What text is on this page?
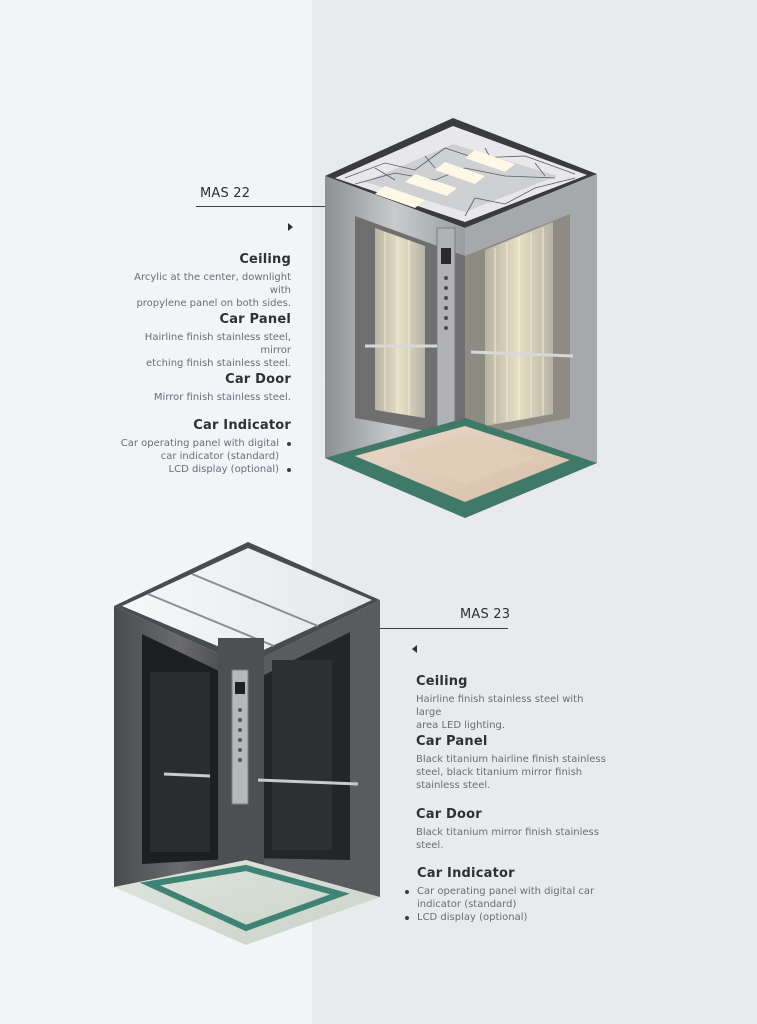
MAS 22
Ceiling

Arcylic at the center, downlight with

propylene panel on both sides.

Car Panel

Hairline finish stainless steel, mirror

etching finish stainless steel.

Car Door

Mirror finish stainless steel.

Car Indicator
Car operating panel with digital car indicator (standard)
LCD display (optional)
MAS 23
Ceiling

Hairline finish stainless steel with large

area LED lighting.

Car Panel

Black titanium hairline finish stainless

steel, black titanium mirror finish

stainless steel.

Car Door

Black titanium mirror finish stainless

steel.

Car Indicator
Car operating panel with digital car indicator (standard)
LCD display (optional)
